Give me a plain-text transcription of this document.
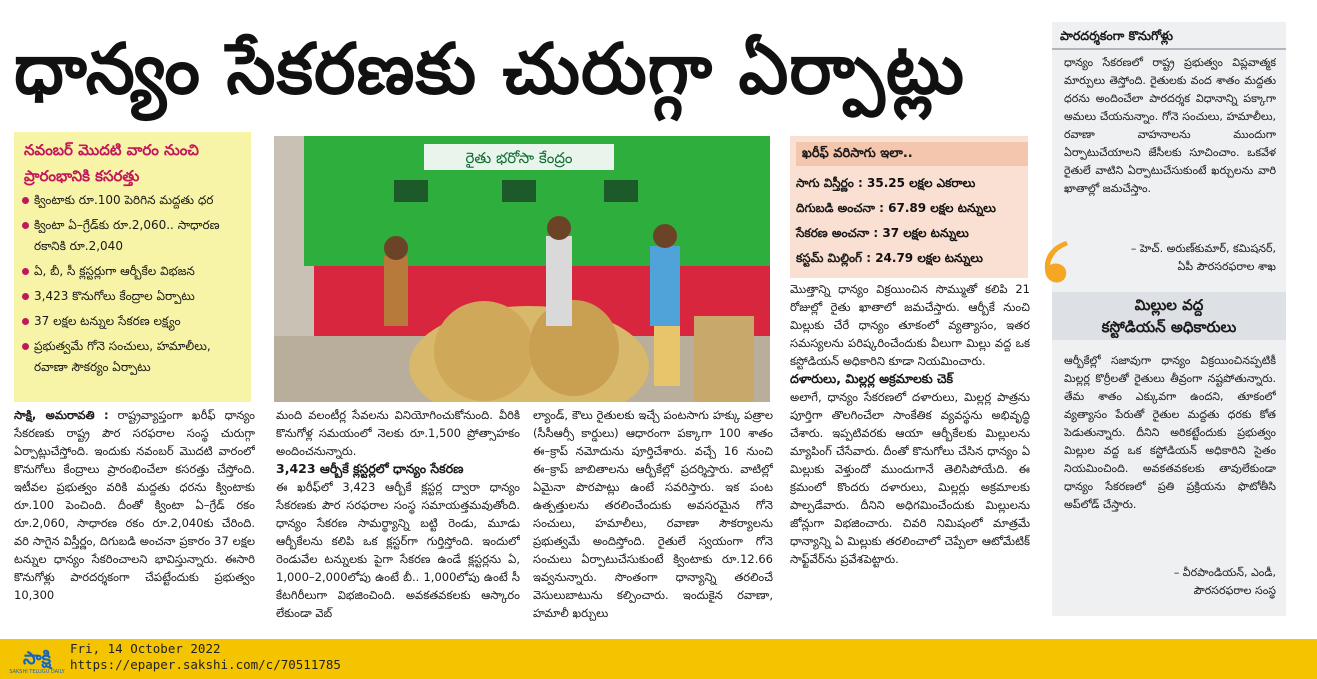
ధాన్యం సేకరణకు చురుగ్గా ఏర్పాట్లు
నవంబర్ మొదటి వారం నుంచి
ప్రారంభానికి కసరత్తు
క్వింటాకు రూ.100 పెరిగిన మద్దతు ధర
క్వింటా ఏ–గ్రేడ్‌కు రూ.2,060.. సాధారణ రకానికి రూ.2,040
ఏ, బీ, సీ క్లస్టర్లుగా ఆర్బీకేల విభజన
3,423 కొనుగోలు కేంద్రాల ఏర్పాటు
37 లక్షల టన్నుల సేకరణ లక్ష్యం
ప్రభుత్వమే గోనె సంచులు, హమాలీలు, రవాణా సౌకర్యం ఏర్పాటు
రైతు భరోసా కేంద్రం

సాక్షి, అమరావతి : రాష్ట్రవ్యాప్తంగా ఖరీఫ్ ధాన్యం సేకరణకు రాష్ట్ర పౌర సరఫరాల సంస్థ చురుగ్గా ఏర్పాట్లుచేస్తోంది. ఇందుకు నవంబర్ మొదటి వారంలో కొనుగోలు కేంద్రాలు ప్రారంభించేలా కసరత్తు చేస్తోంది. ఇటీవల ప్రభుత్వం వరికి మద్దతు ధరను క్వింటాకు రూ.100 పెంచింది. దీంతో క్వింటా ఏ–గ్రేడ్ రకం రూ.2,060, సాధారణ రకం రూ.2,040కు చేరింది. వరి సాగైన విస్తీర్ణం, దిగుబడి అంచనా ప్రకారం 37 లక్షల టన్నుల ధాన్యం సేకరించాలని భావిస్తున్నారు. ఈసారి కొనుగోళ్లు పారదర్శకంగా చేపట్టేందుకు ప్రభుత్వం 10,300

మంది వలంటీర్ల సేవలను వినియోగించుకోనుంది. వీరికి కొనుగోళ్ల సమయంలో నెలకు రూ.1,500 ప్రోత్సాహకం అందించనున్నారు.

3,423 ఆర్బీకే క్లస్టర్లలో ధాన్యం సేకరణ

ఈ ఖరీఫ్‌లో 3,423 ఆర్బీకే క్లస్టర్ల ద్వారా ధాన్యం సేకరణకు పౌర సరఫరాల సంస్థ సమాయత్తమవుతోంది. ధాన్యం సేకరణ సామర్థ్యాన్ని బట్టి రెండు, మూడు ఆర్బీకేలను కలిపి ఒక క్లస్టర్‌గా గుర్తిస్తోంది. ఇందులో రెండువేల టన్నులకు పైగా సేకరణ ఉండే క్లస్టర్లను ఏ, 1,000–2,000లోపు ఉంటే బీ.. 1,000లోపు ఉంటే సీ కేటగిరీలుగా విభజించింది. అవకతవకలకు ఆస్కారం లేకుండా వెబ్

ల్యాండ్, కౌలు రైతులకు ఇచ్చే పంటసాగు హక్కు పత్రాల (సీసీఆర్సీ కార్డులు) ఆధారంగా పక్కాగా 100 శాతం ఈ–క్రాప్ నమోదును పూర్తిచేశారు. వచ్చే 16 నుంచి ఈ–క్రాప్ జాబితాలను ఆర్బీకేల్లో ప్రదర్శిస్తారు. వాటిల్లో ఏమైనా పొరపాట్లు ఉంటే సవరిస్తారు. ఇక పంట ఉత్పత్తులను తరలించేందుకు అవసరమైన గోనె సంచులు, హమాలీలు, రవాణా సౌకర్యాలను ప్రభుత్వమే అందిస్తోంది. రైతులే స్వయంగా గోనె సంచులు ఏర్పాటుచేసుకుంటే క్వింటాకు రూ.12.66 ఇవ్వనున్నారు. సొంతంగా ధాన్యాన్ని తరలించే వెసులుబాటును కల్పించారు. ఇందుకైన రవాణా, హమాలీ ఖర్చులు

ఖరీఫ్ వరిసాగు ఇలా..
సాగు విస్తీర్ణం : 35.25 లక్షల ఎకరాలు
దిగుబడి అంచనా : 67.89 లక్షల టన్నులు
సేకరణ అంచనా : 37 లక్షల టన్నులు
కస్టమ్ మిల్లింగ్ : 24.79 లక్షల టన్నులు

మొత్తాన్ని ధాన్యం విక్రయించిన సొమ్ముతో కలిపి 21 రోజుల్లో రైతు ఖాతాలో జమచేస్తారు. ఆర్బీకే నుంచి మిల్లుకు చేరే ధాన్యం తూకంలో వ్యత్యాసం, ఇతర సమస్యలను పరిష్కరించేందుకు వీలుగా మిల్లు వద్ద ఒక కస్టోడియన్ అధికారిని కూడా నియమించారు.

దళారులు, మిల్లర్ల అక్రమాలకు చెక్

అలాగే, ధాన్యం సేకరణలో దళారులు, మిల్లర్ల పాత్రను పూర్తిగా తొలగించేలా సాంకేతిక వ్యవస్థను అభివృద్ధి చేశారు. ఇప్పటివరకు ఆయా ఆర్బీకేలకు మిల్లులను మ్యాపింగ్ చేసేవారు. దీంతో కొనుగోలు చేసిన ధాన్యం ఏ మిల్లుకు వెళ్తుందో ముందుగానే తెలిసిపోయేది. ఈ క్రమంలో కొందరు దళారులు, మిల్లర్లు అక్రమాలకు పాల్పడేవారు. దీనిని అధిగమించేందుకు మిల్లులను జోన్లుగా విభజించారు. చివరి నిమిషంలో మాత్రమే ధాన్యాన్ని ఏ మిల్లుకు తరలించాలో చెప్పేలా ఆటోమేటిక్ సాఫ్ట్‌వేర్‌ను ప్రవేశపెట్టారు.

పారదర్శకంగా కొనుగోళ్లు
ధాన్యం సేకరణలో రాష్ట్ర ప్రభుత్వం విప్లవాత్మక మార్పులు తెస్తోంది. రైతులకు వంద శాతం మద్దతు ధరను అందించేలా పారదర్శక విధానాన్ని పక్కాగా అమలు చేయనున్నాం. గోనె సంచులు, హమాలీలు, రవాణా వాహనాలను ముందుగా ఏర్పాటుచేయాలని జేసీలకు సూచించాం. ఒకవేళ రైతులే వాటిని ఏర్పాటుచేసుకుంటే ఖర్చులను వారి ఖాతాల్లో జమచేస్తాం.
– హెచ్. అరుణ్‌కుమార్, కమిషనర్,
ఏపీ పౌరసరఫరాల శాఖ
మిల్లుల వద్ద
కస్టోడియన్ అధికారులు
ఆర్బీకేల్లో సజావుగా ధాన్యం విక్రయించినప్పటికీ మిల్లర్ల కొర్రీలతో రైతులు తీవ్రంగా నష్టపోతున్నారు. తేమ శాతం ఎక్కువగా ఉందని, తూకంలో వ్యత్యాసం పేరుతో రైతుల మద్దతు ధరకు కోత పెడుతున్నారు. దీనిని అరికట్టేందుకు ప్రభుత్వం మిల్లుల వద్ద ఒక కస్టోడియన్ అధికారిని సైతం నియమించింది. అవకతవకలకు తావులేకుండా ధాన్యం సేకరణలో ప్రతి ప్రక్రియను ఫొటోతీసి అప్‌లోడ్ చేస్తారు.
– వీరపాండియన్, ఎండీ,
పౌరసరఫరాల సంస్థ
సాక్షి
SAKSHI TELUGU DAILY
Fri, 14 October 2022
https://epaper.sakshi.com/c/70511785
